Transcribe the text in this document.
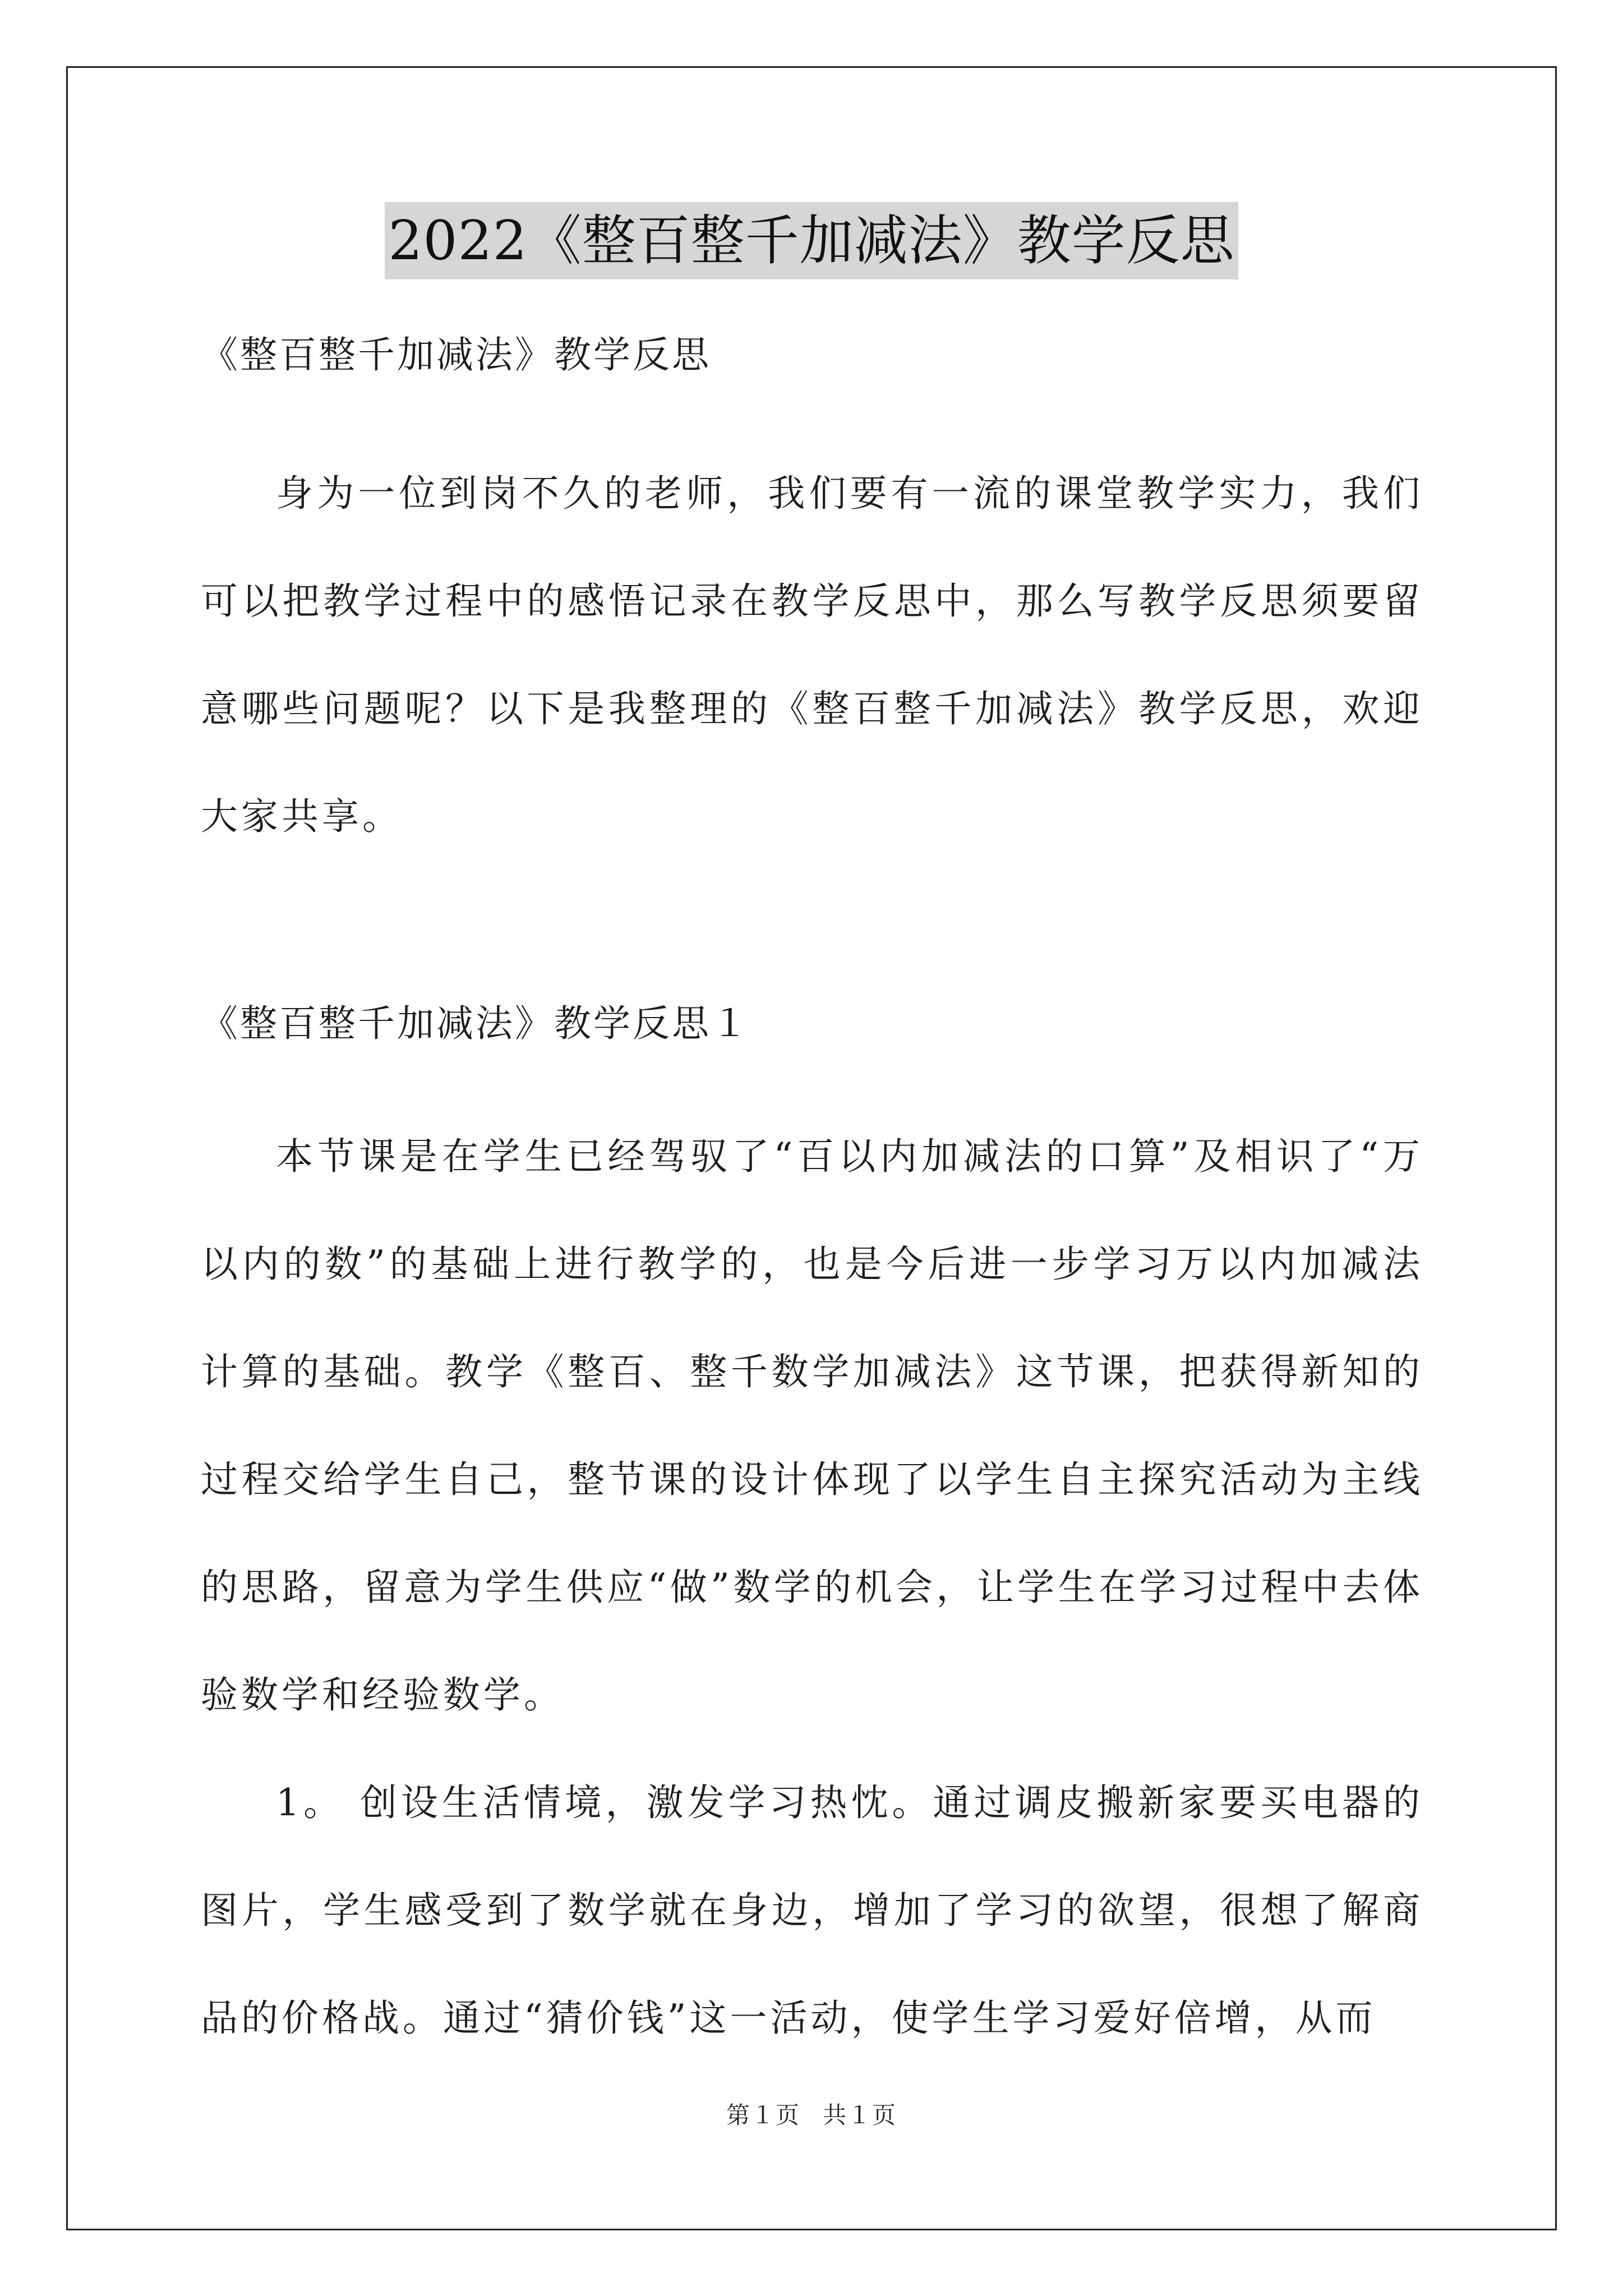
2022《整百整千加减法》教学反思
《整百整千加减法》教学反思

身为一位到岗不久的老师，我们要有一流的课堂教学实力，我们可以把教学过程中的感悟记录在教学反思中，那么写教学反思须要留意哪些问题呢？以下是我整理的《整百整千加减法》教学反思，欢迎大家共享。

《整百整千加减法》教学反思１

本节课是在学生已经驾驭了“百以内加减法的口算”及相识了“万以内的数”的基础上进行教学的，也是今后进一步学习万以内加减法计算的基础。教学《整百、整千数学加减法》这节课，把获得新知的过程交给学生自己，整节课的设计体现了以学生自主探究活动为主线的思路，留意为学生供应“做”数学的机会，让学生在学习过程中去体验数学和经验数学。

1。 创设生活情境，激发学习热忱。通过调皮搬新家要买电器的图片，学生感受到了数学就在身边，增加了学习的欲望，很想了解商品的价格战。通过“猜价钱”这一活动，使学生学习爱好倍增，从而

第１页 共１页
